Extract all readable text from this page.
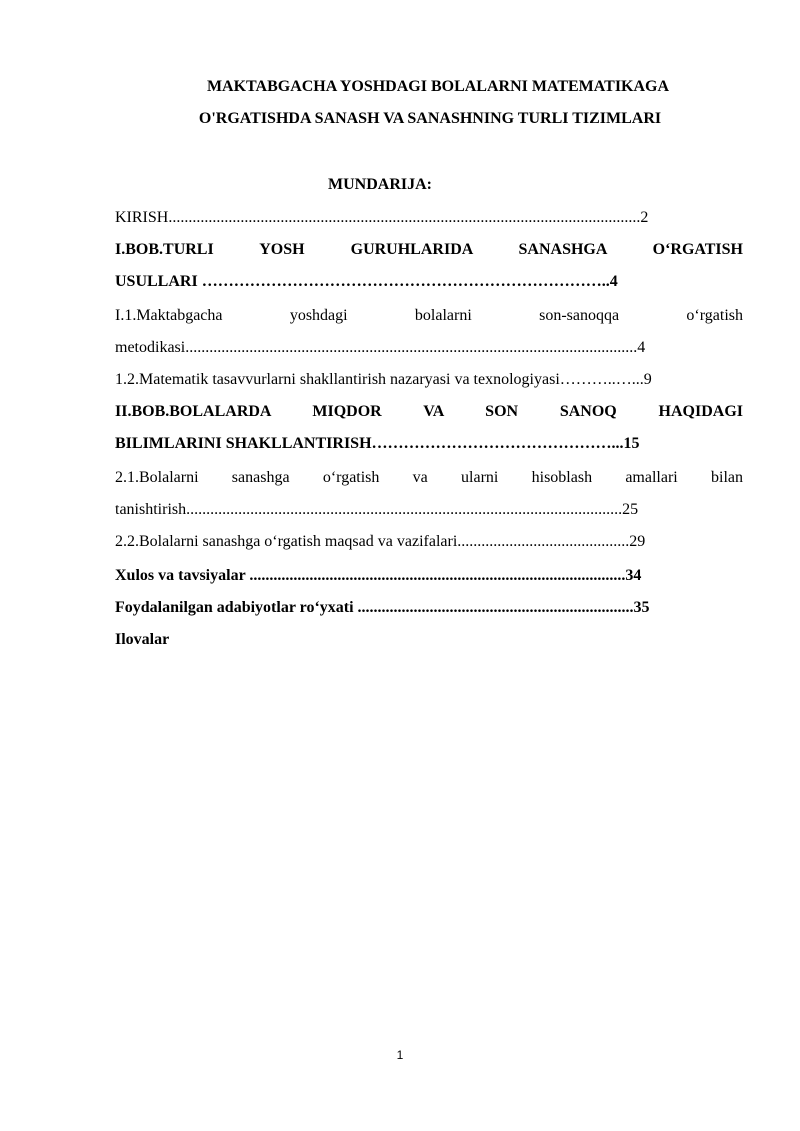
MAKTABGACHA YOSHDAGI BOLALARNI MATEMATIKAGA
O'RGATISHDA SANASH VA SANASHNING TURLI TIZIMLARI
MUNDARIJA:
KIRISH......................................................................................................................2
I.BOB.TURLI YOSH GURUHLARIDA SANASHGA O‘RGATISH
USULLARI …………………………………………………………………..4
I.1.Maktabgacha yoshdagi bolalarni son-sanoqqa o‘rgatish
metodikasi.................................................................................................................4
1.2.Matematik tasavvurlarni shakllantirish nazaryasi va texnologiyasi………..…...9
II.BOB.BOLALARDA MIQDOR VA SON SANOQ HAQIDAGI
BILIMLARINI SHAKLLANTIRISH………………………………………...15
2.1.Bolalarni sanashga o‘rgatish va ularni hisoblash amallari bilan
tanishtirish.............................................................................................................25
2.2.Bolalarni sanashga o‘rgatish maqsad va vazifalari...........................................29
Xulos va tavsiyalar ..............................................................................................34
Foydalanilgan adabiyotlar ro‘yxati .....................................................................35
Ilovalar
1
